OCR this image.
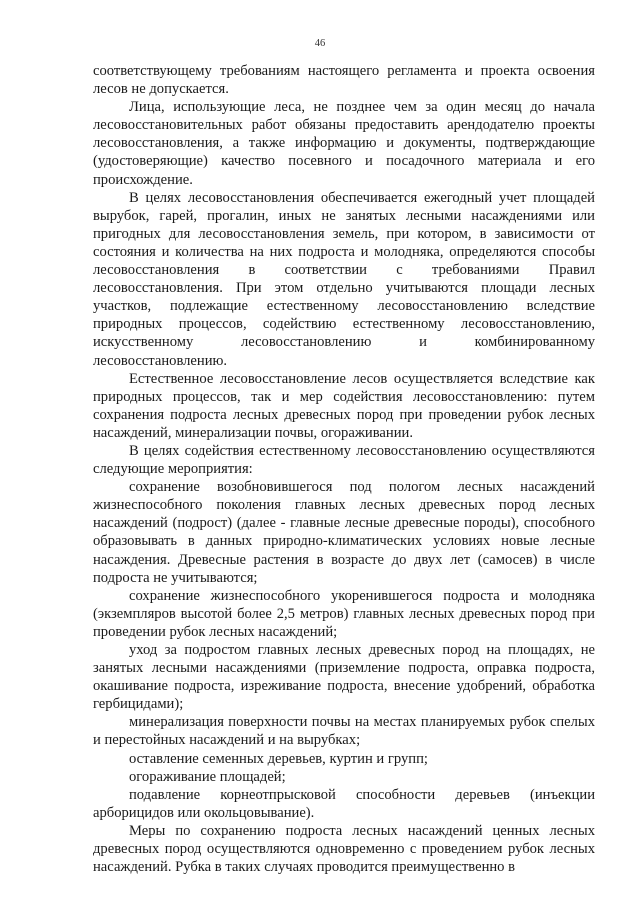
46

соответствующему требованиям настоящего регламента и проекта освоения лесов не допускается.

Лица, использующие леса, не позднее чем за один месяц до начала лесовосстановительных работ обязаны предоставить арендодателю проекты лесовосстановления, а также информацию и документы, подтверждающие (удостоверяющие) качество посевного и посадочного материала и его происхождение.

В целях лесовосстановления обеспечивается ежегодный учет площадей вырубок, гарей, прогалин, иных не занятых лесными насаждениями или пригодных для лесовосстановления земель, при котором, в зависимости от состояния и количества на них подроста и молодняка, определяются способы лесовосстановления в соответствии с требованиями Правил лесовосстановления. При этом отдельно учитываются площади лесных участков, подлежащие естественному лесовосстановлению вследствие природных процессов, содействию естественному лесовосстановлению, искусственному лесовосстановлению и комбинированному лесовосстановлению.

Естественное лесовосстановление лесов осуществляется вследствие как природных процессов, так и мер содействия лесовосстановлению: путем сохранения подроста лесных древесных пород при проведении рубок лесных насаждений, минерализации почвы, огораживании.

В целях содействия естественному лесовосстановлению осуществляются следующие мероприятия:

сохранение возобновившегося под пологом лесных насаждений жизнеспособного поколения главных лесных древесных пород лесных насаждений (подрост) (далее - главные лесные древесные породы), способного образовывать в данных природно-климатических условиях новые лесные насаждения. Древесные растения в возрасте до двух лет (самосев) в числе подроста не учитываются;

сохранение жизнеспособного укоренившегося подроста и молодняка (экземпляров высотой более 2,5 метров) главных лесных древесных пород при проведении рубок лесных насаждений;

уход за подростом главных лесных древесных пород на площадях, не занятых лесными насаждениями (приземление подроста, оправка подроста, окашивание подроста, изреживание подроста, внесение удобрений, обработка гербицидами);

минерализация поверхности почвы на местах планируемых рубок спелых и перестойных насаждений и на вырубках;

оставление семенных деревьев, куртин и групп;

огораживание площадей;

подавление корнеотпрысковой способности деревьев (инъекции арборицидов или окольцовывание).

Меры по сохранению подроста лесных насаждений ценных лесных древесных пород осуществляются одновременно с проведением рубок лесных насаждений. Рубка в таких случаях проводится преимущественно в
